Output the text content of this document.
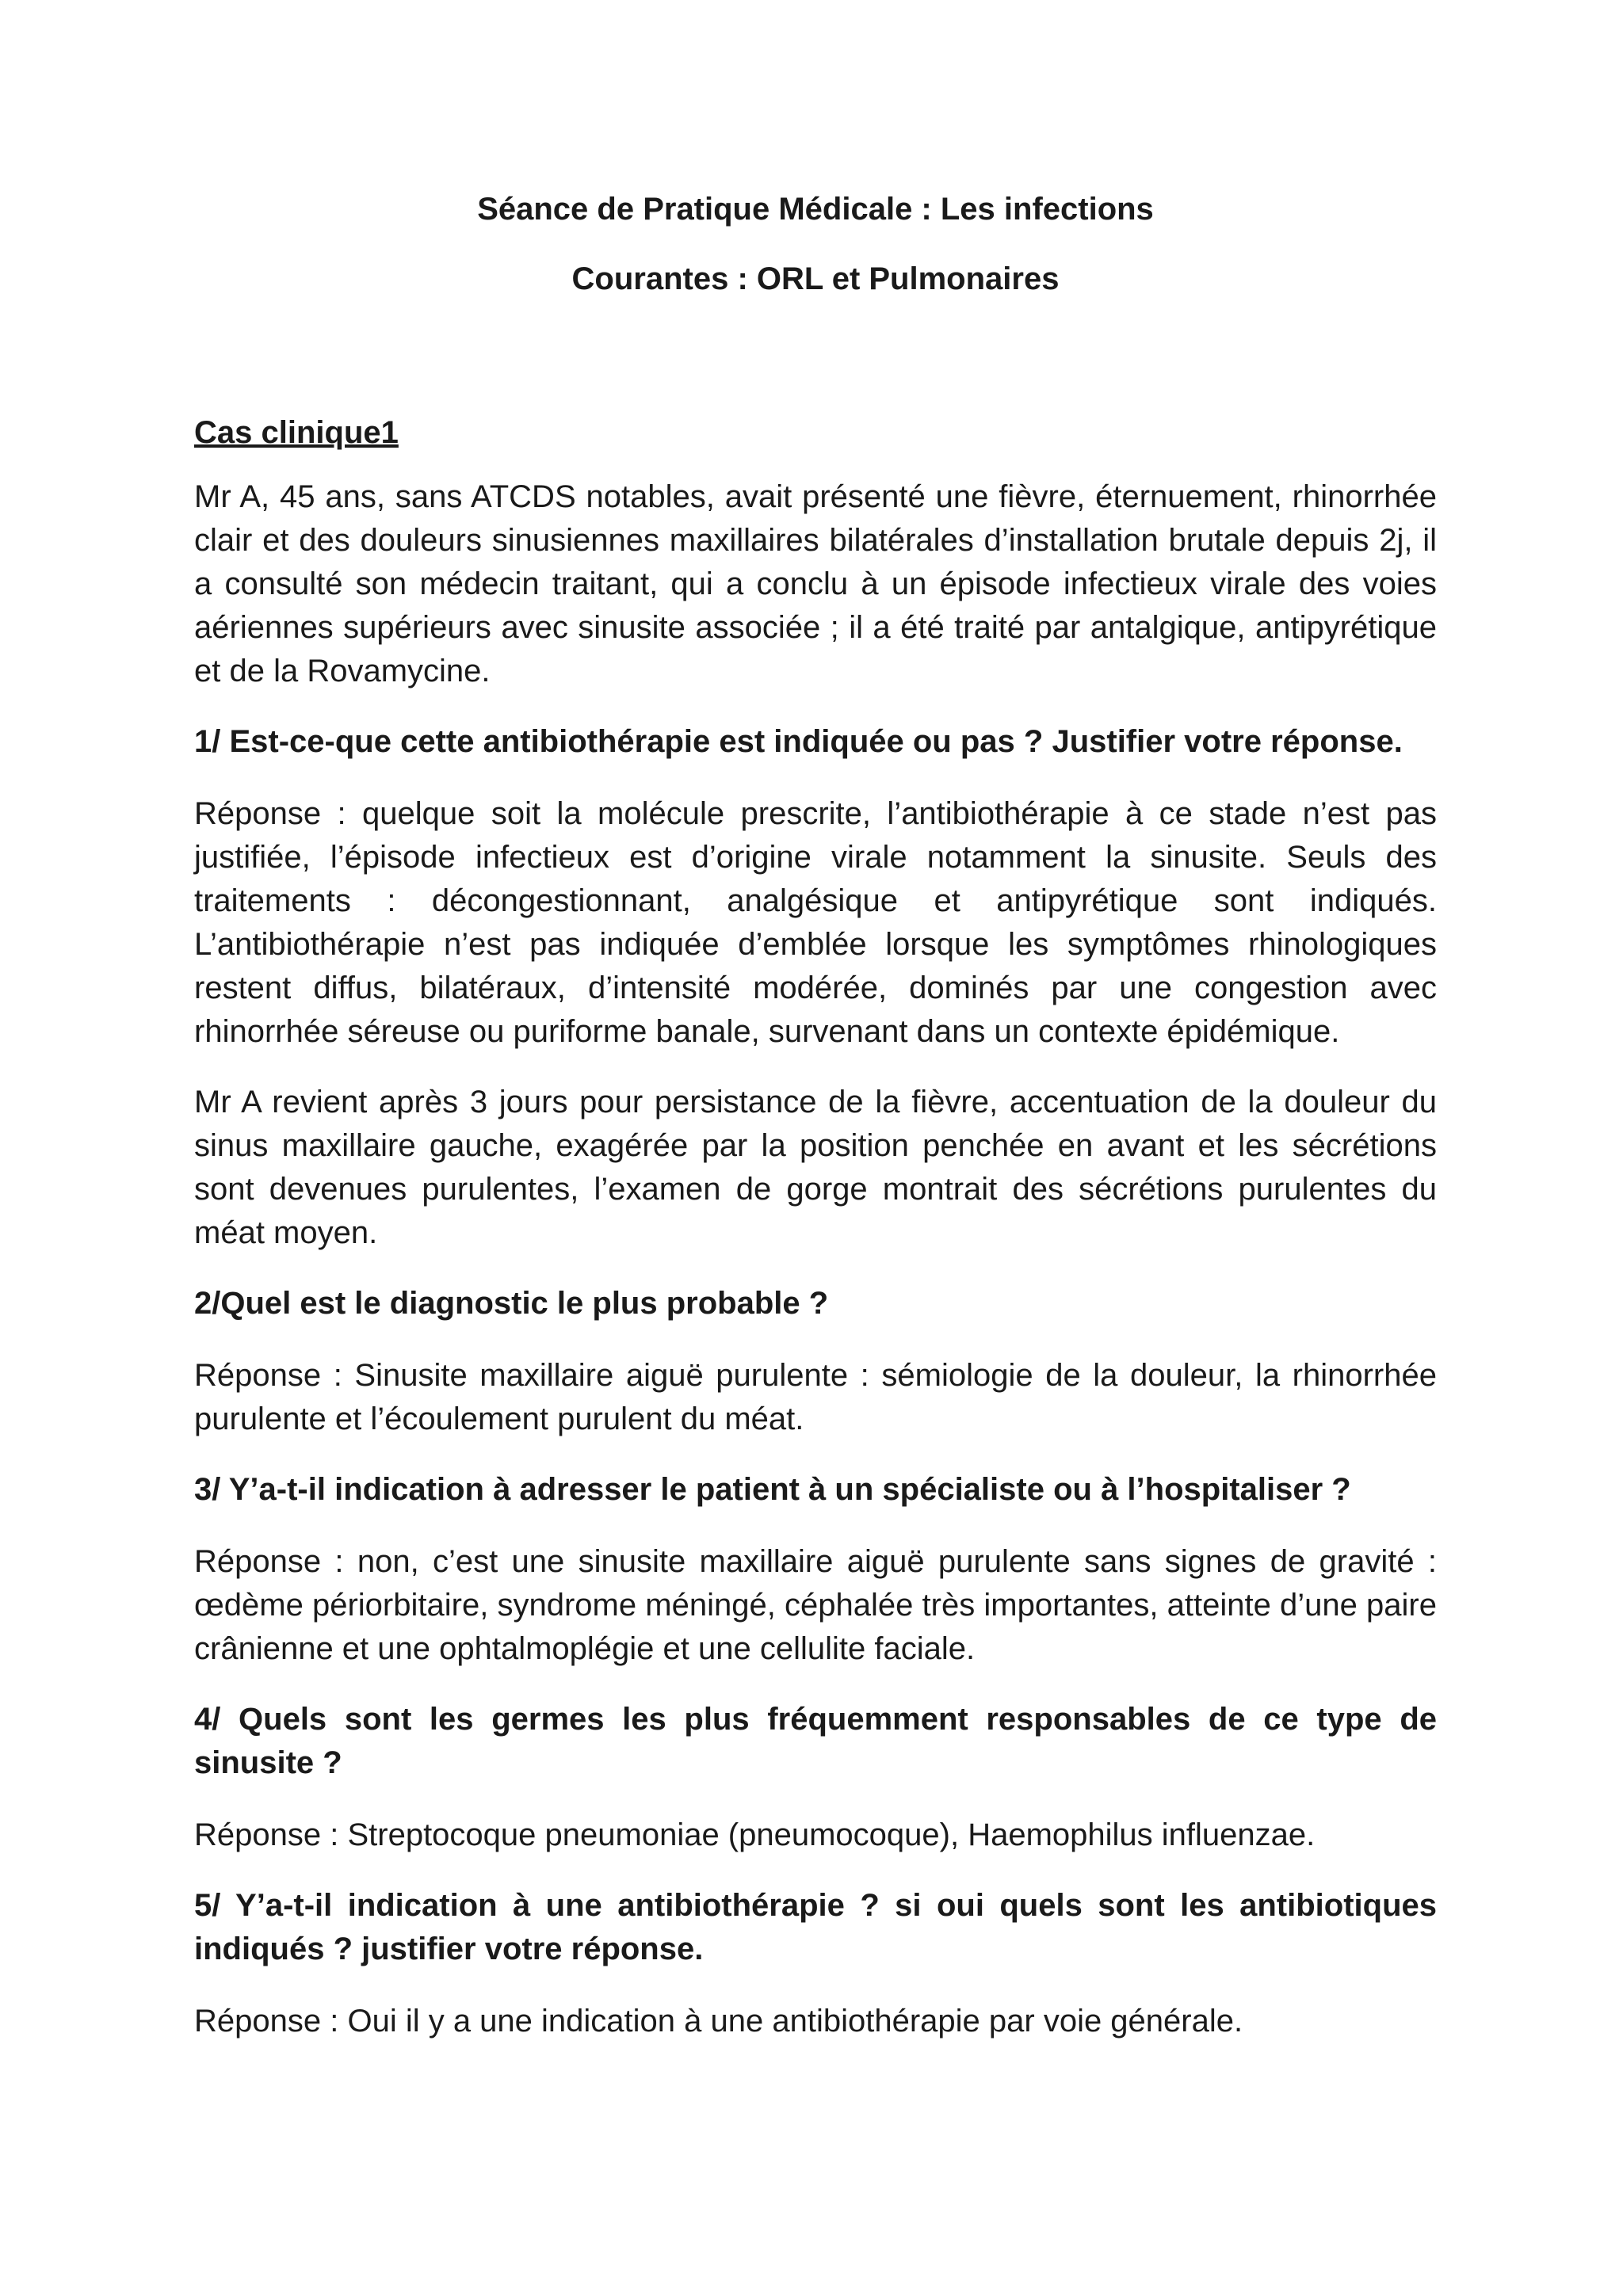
Séance de Pratique Médicale : Les infections
Courantes : ORL et Pulmonaires
Cas clinique1

Mr A, 45 ans, sans ATCDS notables, avait présenté une fièvre, éternuement, rhinorrhée clair et des douleurs sinusiennes maxillaires bilatérales d’installation brutale depuis 2j, il a consulté son médecin traitant, qui a conclu à un épisode infectieux virale des voies aériennes supérieurs avec sinusite associée ; il a été traité par antalgique, antipyrétique et de la Rovamycine.

1/ Est-ce-que cette antibiothérapie est indiquée ou pas ? Justifier votre réponse.

Réponse : quelque soit la molécule prescrite, l’antibiothérapie à ce stade n’est pas justifiée, l’épisode infectieux est d’origine virale notamment la sinusite. Seuls des traitements : décongestionnant, analgésique et antipyrétique sont indiqués. L’antibiothérapie n’est pas indiquée d’emblée lorsque les symptômes rhinologiques restent diffus, bilatéraux, d’intensité modérée, dominés par une congestion avec rhinorrhée séreuse ou puriforme banale, survenant dans un contexte épidémique.

Mr A revient après 3 jours pour persistance de la fièvre, accentuation de la douleur du sinus maxillaire gauche, exagérée par la position penchée en avant et les sécrétions sont devenues purulentes, l’examen de gorge montrait des sécrétions purulentes du méat moyen.

2/Quel est le diagnostic le plus probable ?

Réponse : Sinusite maxillaire aiguë purulente : sémiologie de la douleur, la rhinorrhée purulente et l’écoulement purulent du méat.

3/ Y’a-t-il indication à adresser le patient à un spécialiste ou à l’hospitaliser ?

Réponse : non, c’est une sinusite maxillaire aiguë purulente sans signes de gravité : œdème périorbitaire, syndrome méningé, céphalée très importantes, atteinte d’une paire crânienne et une ophtalmoplégie et une cellulite faciale.

4/ Quels sont les germes les plus fréquemment responsables de ce type de sinusite ?

Réponse : Streptocoque pneumoniae (pneumocoque), Haemophilus influenzae.

5/ Y’a-t-il indication à une antibiothérapie ? si oui quels sont les antibiotiques indiqués ? justifier votre réponse.

Réponse : Oui il y a une indication à une antibiothérapie par voie générale.
